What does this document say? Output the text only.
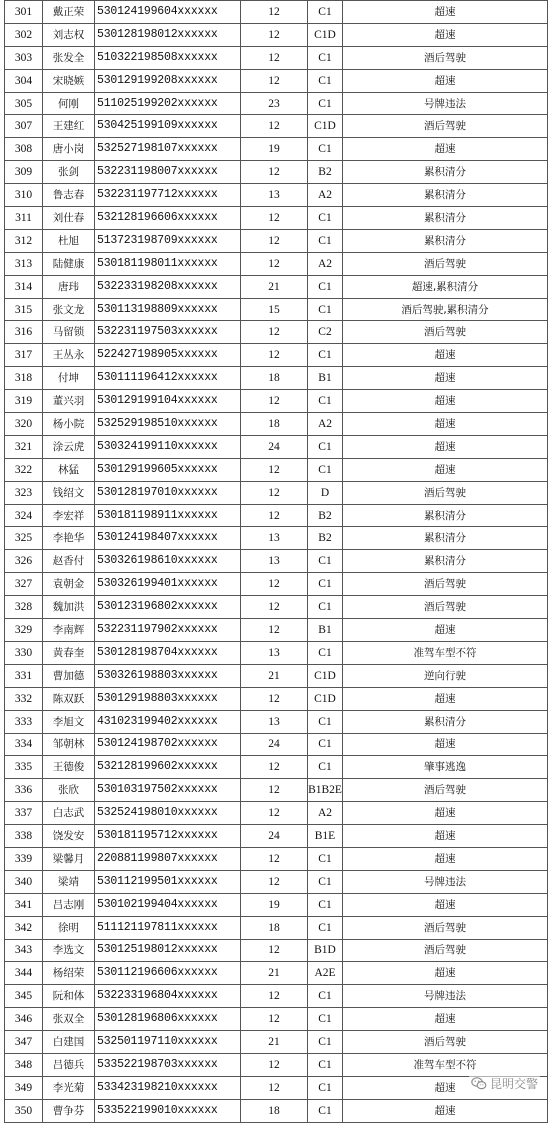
301	戴正荣	530124199604xxxxxx	12	C1	超速
302	刘志权	530128198012xxxxxx	12	C1D	超速
303	张发全	510322198508xxxxxx	12	C1	酒后驾驶
304	宋晓嫉	530129199208xxxxxx	12	C1	超速
305	何刚	511025199202xxxxxx	23	C1	号牌违法
307	王建红	530425199109xxxxxx	12	C1D	酒后驾驶
308	唐小岗	532527198107xxxxxx	19	C1	超速
309	张剑	532231198007xxxxxx	12	B2	累积清分
310	鲁志春	532231197712xxxxxx	13	A2	累积清分
311	刘仕春	532128196606xxxxxx	12	C1	累积清分
312	杜旭	513723198709xxxxxx	12	C1	累积清分
313	陆健康	530181198011xxxxxx	12	A2	酒后驾驶
314	唐玮	532233198208xxxxxx	21	C1	超速,累积清分
315	张文龙	530113198809xxxxxx	15	C1	酒后驾驶,累积清分
316	马留锁	532231197503xxxxxx	12	C2	酒后驾驶
317	王丛永	522427198905xxxxxx	12	C1	超速
318	付坤	530111196412xxxxxx	18	B1	超速
319	董兴羽	530129199104xxxxxx	12	C1	超速
320	杨小院	532529198510xxxxxx	18	A2	超速
321	涂云虎	530324199110xxxxxx	24	C1	超速
322	林猛	530129199605xxxxxx	12	C1	超速
323	钱绍文	530128197010xxxxxx	12	D	酒后驾驶
324	李宏祥	530181198911xxxxxx	12	B2	累积清分
325	李艳华	530124198407xxxxxx	13	B2	累积清分
326	赵香付	530326198610xxxxxx	13	C1	累积清分
327	袁朝金	530326199401xxxxxx	12	C1	酒后驾驶
328	魏加洪	530123196802xxxxxx	12	C1	酒后驾驶
329	李南辉	532231197902xxxxxx	12	B1	超速
330	黄春奎	530128198704xxxxxx	13	C1	准驾车型不符
331	曹加德	530326198803xxxxxx	21	C1D	逆向行驶
332	陈双跃	530129198803xxxxxx	12	C1D	超速
333	李旭文	431023199402xxxxxx	13	C1	累积清分
334	邹朝林	530124198702xxxxxx	24	C1	超速
335	王德俊	532128199602xxxxxx	12	C1	肇事逃逸
336	张欣	530103197502xxxxxx	12	B1B2E	酒后驾驶
337	白志武	532524198010xxxxxx	12	A2	超速
338	饶发安	530181195712xxxxxx	24	B1E	超速
339	梁馨月	220881199807xxxxxx	12	C1	超速
340	梁靖	530112199501xxxxxx	12	C1	号牌违法
341	吕志刚	530102199404xxxxxx	19	C1	超速
342	徐明	511121197811xxxxxx	18	C1	酒后驾驶
343	李选文	530125198012xxxxxx	12	B1D	酒后驾驶
344	杨绍荣	530112196606xxxxxx	21	A2E	超速
345	阮和体	532233196804xxxxxx	12	C1	号牌违法
346	张双全	530128196806xxxxxx	12	C1	超速
347	白建国	532501197110xxxxxx	21	C1	酒后驾驶
348	吕德兵	533522198703xxxxxx	12	C1	准驾车型不符
349	李光菊	533423198210xxxxxx	12	C1	超速
350	曹争芬	533522199010xxxxxx	18	C1	超速
昆明交警
